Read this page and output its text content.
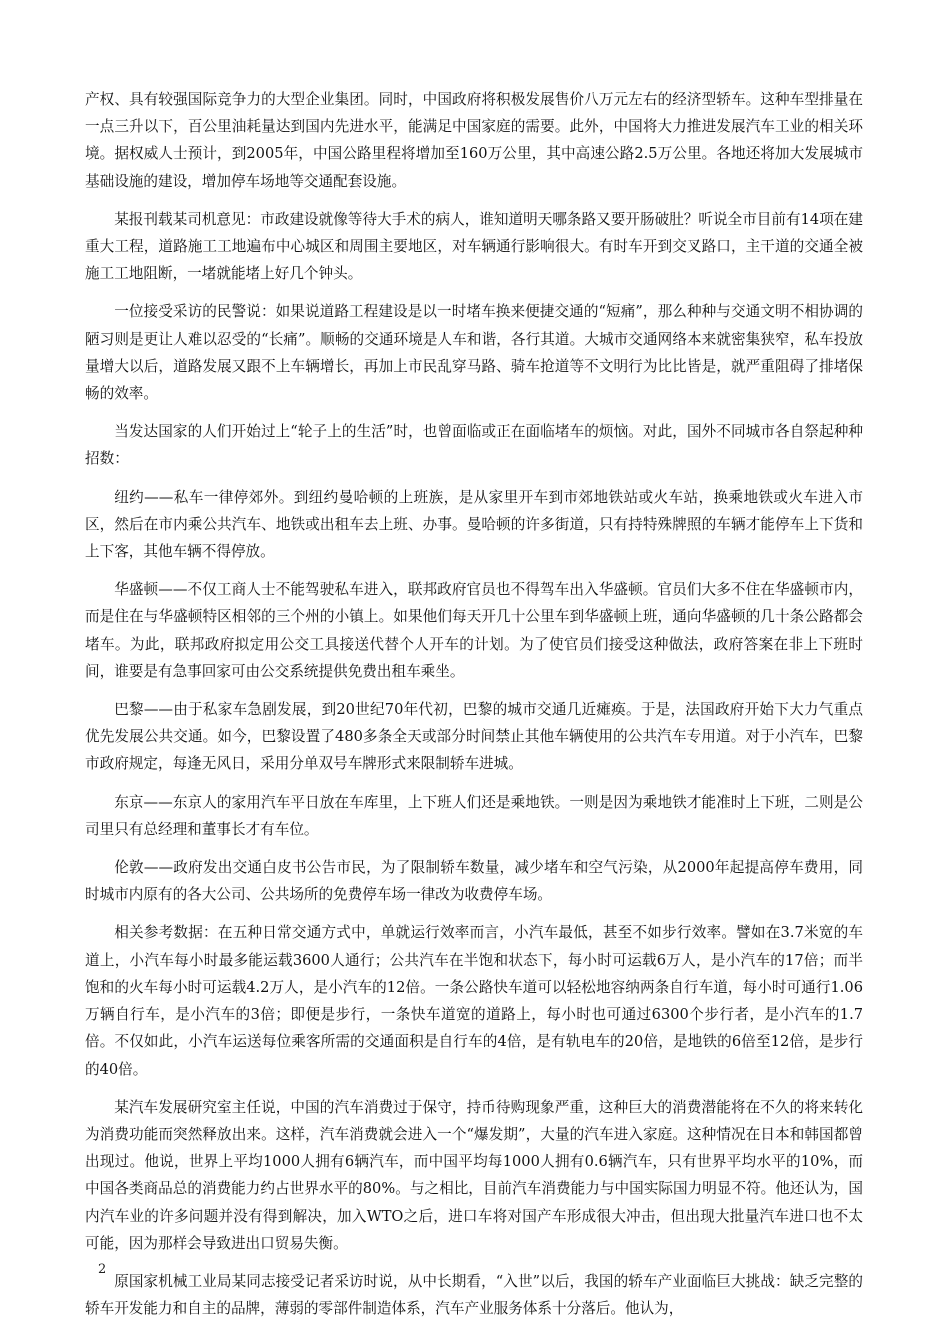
产权、具有较强国际竞争力的大型企业集团。同时，中国政府将积极发展售价八万元左右的经济型轿车。这种车型排量在一点三升以下，百公里油耗量达到国内先进水平，能满足中国家庭的需要。此外，中国将大力推进发展汽车工业的相关环境。据权威人士预计，到2005年，中国公路里程将增加至160万公里，其中高速公路2.5万公里。各地还将加大发展城市基础设施的建设，增加停车场地等交通配套设施。

某报刊载某司机意见：市政建设就像等待大手术的病人，谁知道明天哪条路又要开肠破肚？听说全市目前有14项在建重大工程，道路施工工地遍布中心城区和周围主要地区，对车辆通行影响很大。有时车开到交叉路口，主干道的交通全被施工工地阻断，一堵就能堵上好几个钟头。

一位接受采访的民警说：如果说道路工程建设是以一时堵车换来便捷交通的“短痛”，那么种种与交通文明不相协调的陋习则是更让人难以忍受的“长痛”。顺畅的交通环境是人车和谐，各行其道。大城市交通网络本来就密集狭窄，私车投放量增大以后，道路发展又跟不上车辆增长，再加上市民乱穿马路、骑车抢道等不文明行为比比皆是，就严重阻碍了排堵保畅的效率。

当发达国家的人们开始过上“轮子上的生活”时，也曾面临或正在面临堵车的烦恼。对此，国外不同城市各自祭起种种招数：

纽约——私车一律停郊外。到纽约曼哈顿的上班族，是从家里开车到市郊地铁站或火车站，换乘地铁或火车进入市区，然后在市内乘公共汽车、地铁或出租车去上班、办事。曼哈顿的许多街道，只有持特殊牌照的车辆才能停车上下货和上下客，其他车辆不得停放。

华盛顿——不仅工商人士不能驾驶私车进入，联邦政府官员也不得驾车出入华盛顿。官员们大多不住在华盛顿市内，而是住在与华盛顿特区相邻的三个州的小镇上。如果他们每天开几十公里车到华盛顿上班，通向华盛顿的几十条公路都会堵车。为此，联邦政府拟定用公交工具接送代替个人开车的计划。为了使官员们接受这种做法，政府答案在非上下班时间，谁要是有急事回家可由公交系统提供免费出租车乘坐。

巴黎——由于私家车急剧发展，到20世纪70年代初，巴黎的城市交通几近瘫痪。于是，法国政府开始下大力气重点优先发展公共交通。如今，巴黎设置了480多条全天或部分时间禁止其他车辆使用的公共汽车专用道。对于小汽车，巴黎市政府规定，每逢无风日，采用分单双号车牌形式来限制轿车进城。

东京——东京人的家用汽车平日放在车库里，上下班人们还是乘地铁。一则是因为乘地铁才能准时上下班，二则是公司里只有总经理和董事长才有车位。

伦敦——政府发出交通白皮书公告市民，为了限制轿车数量，减少堵车和空气污染，从2000年起提高停车费用，同时城市内原有的各大公司、公共场所的免费停车场一律改为收费停车场。

相关参考数据：在五种日常交通方式中，单就运行效率而言，小汽车最低，甚至不如步行效率。譬如在3.7米宽的车道上，小汽车每小时最多能运载3600人通行；公共汽车在半饱和状态下，每小时可运载6万人，是小汽车的17倍；而半饱和的火车每小时可运载4.2万人，是小汽车的12倍。一条公路快车道可以轻松地容纳两条自行车道，每小时可通行1.06万辆自行车，是小汽车的3倍；即便是步行，一条快车道宽的道路上，每小时也可通过6300个步行者，是小汽车的1.7倍。不仅如此，小汽车运送每位乘客所需的交通面积是自行车的4倍，是有轨电车的20倍，是地铁的6倍至12倍，是步行的40倍。

某汽车发展研究室主任说，中国的汽车消费过于保守，持币待购现象严重，这种巨大的消费潜能将在不久的将来转化为消费功能而突然释放出来。这样，汽车消费就会进入一个“爆发期”，大量的汽车进入家庭。这种情况在日本和韩国都曾出现过。他说，世界上平均1000人拥有6辆汽车，而中国平均每1000人拥有0.6辆汽车，只有世界平均水平的10%，而中国各类商品总的消费能力约占世界水平的80%。与之相比，目前汽车消费能力与中国实际国力明显不符。他还认为，国内汽车业的许多问题并没有得到解决，加入WTO之后，进口车将对国产车形成很大冲击，但出现大批量汽车进口也不太可能，因为那样会导致进出口贸易失衡。

原国家机械工业局某同志接受记者采访时说，从中长期看，“入世”以后，我国的轿车产业面临巨大挑战：缺乏完整的轿车开发能力和自主的品牌，薄弱的零部件制造体系，汽车产业服务体系十分落后。他认为，

2
